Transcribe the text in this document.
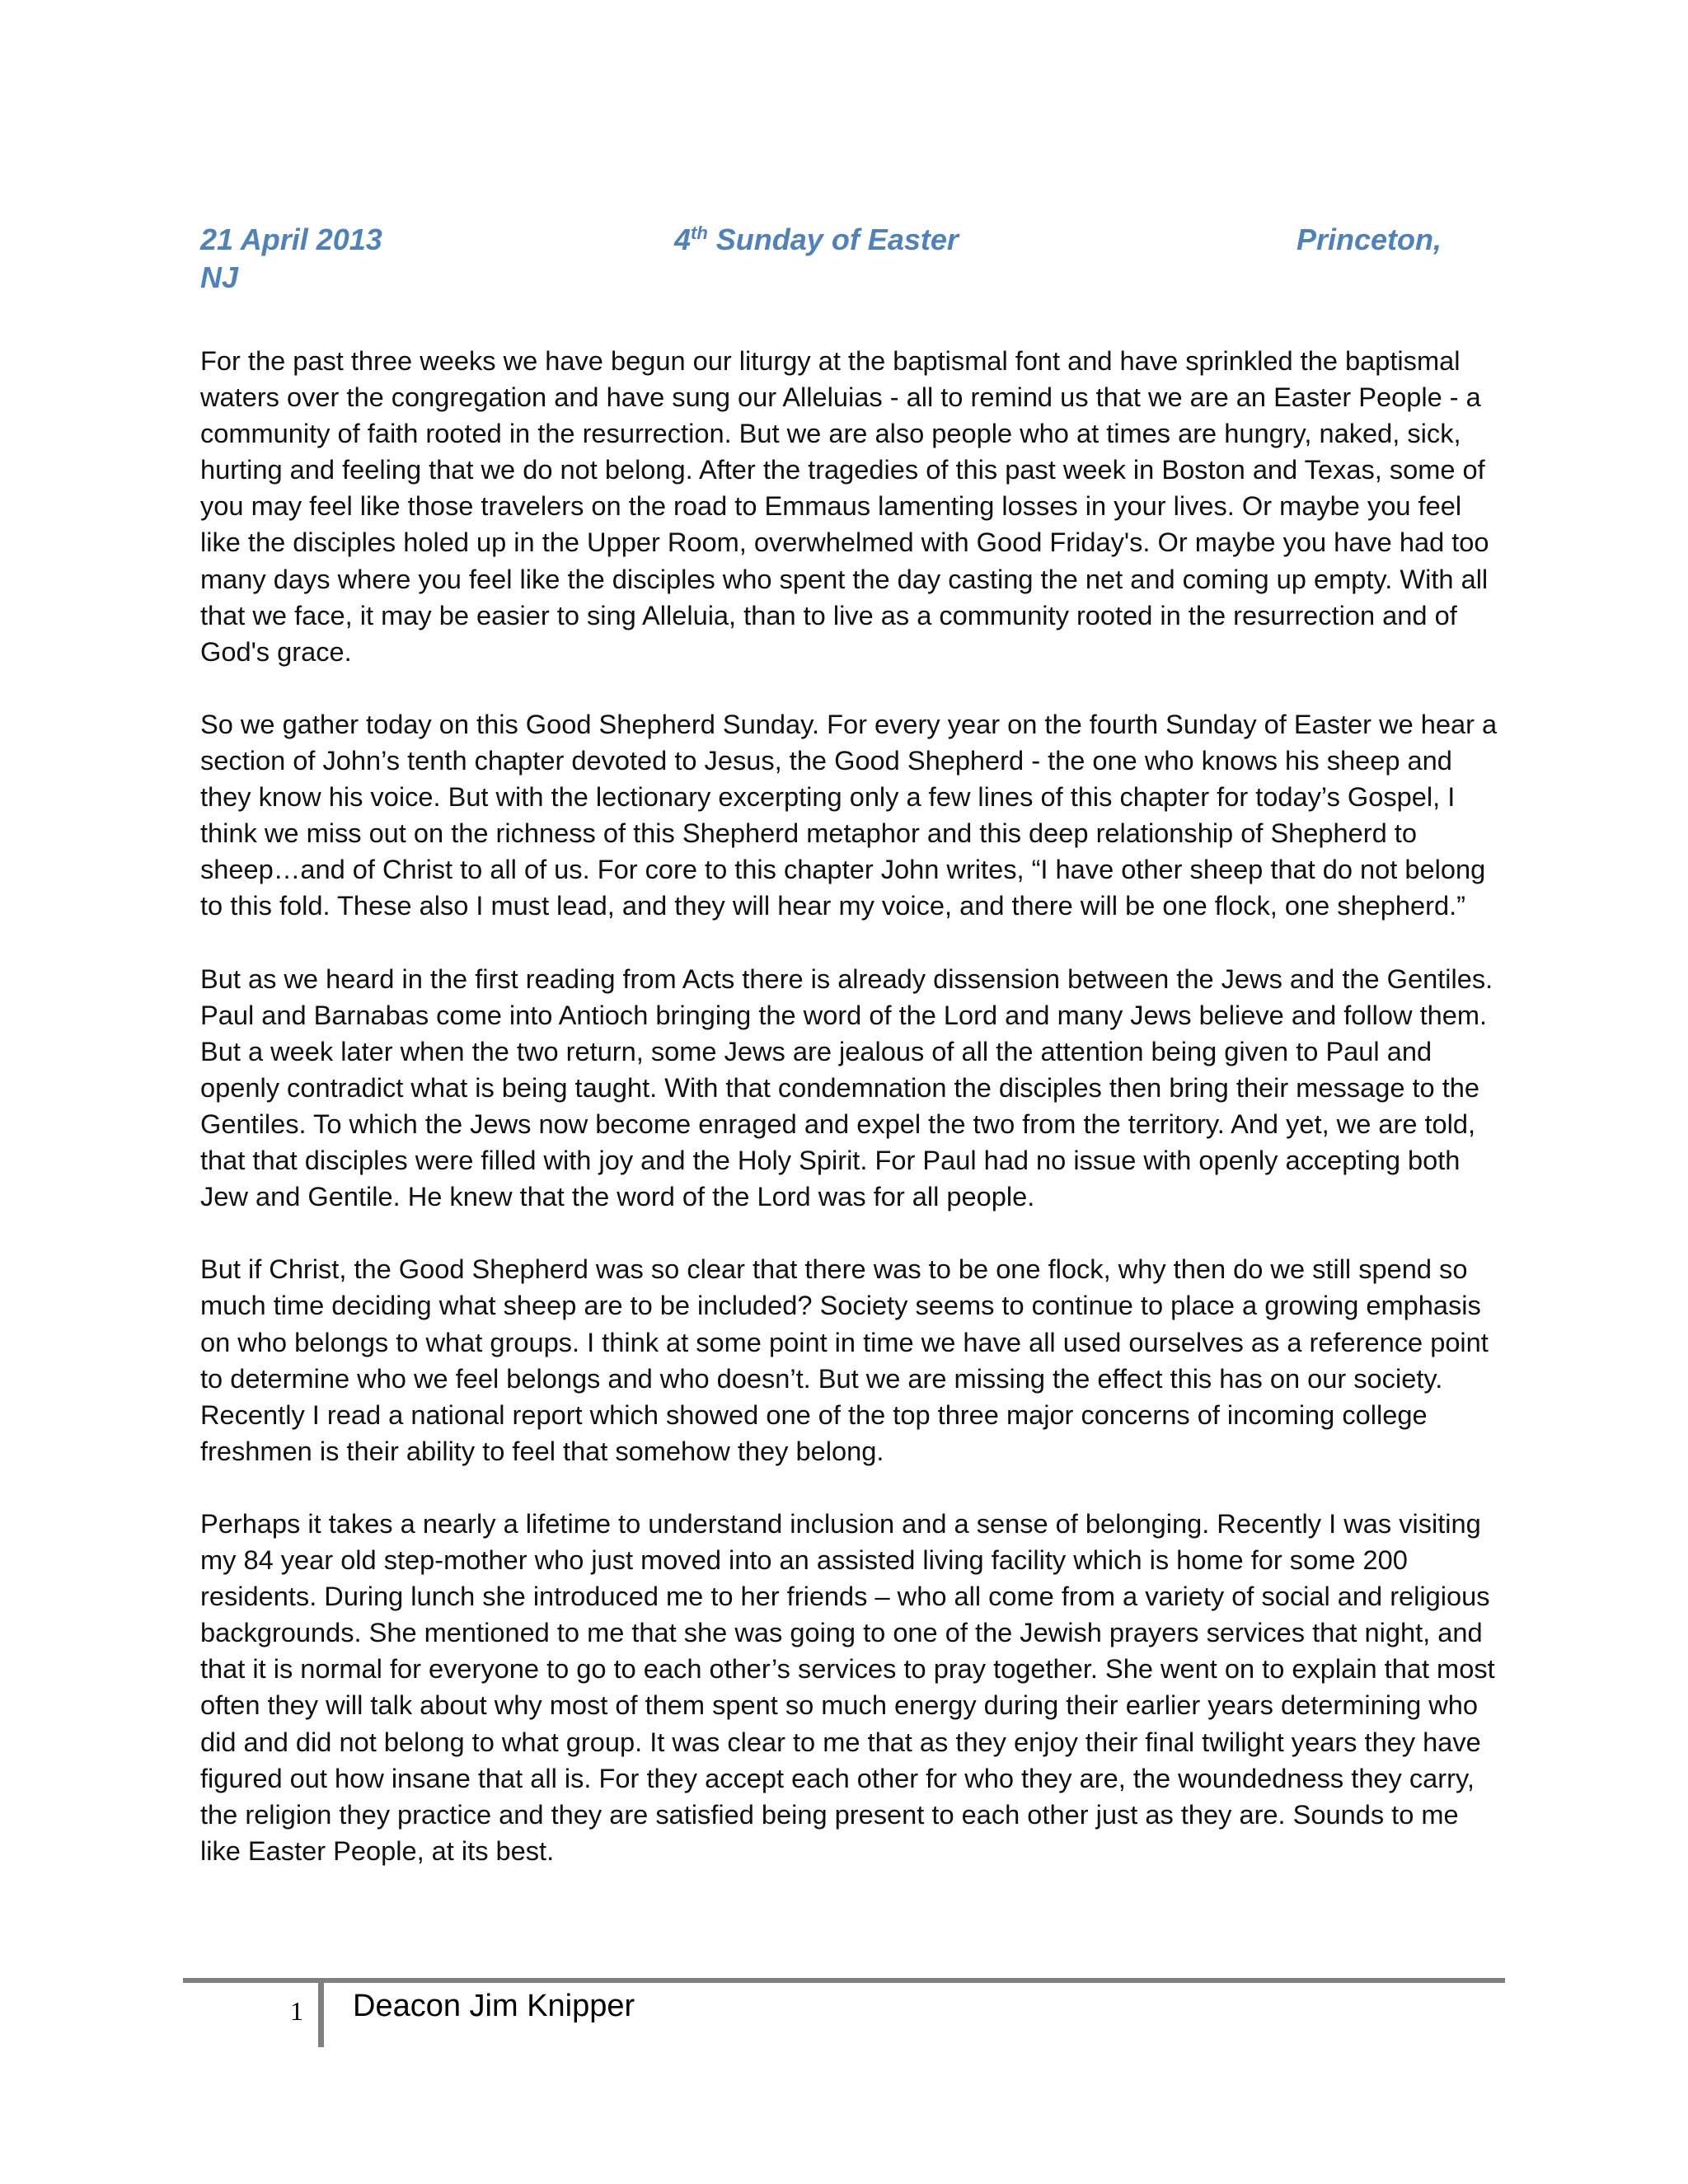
21 April 2013	4th Sunday of Easter	Princeton,
NJ

For the past three weeks we have begun our liturgy at the baptismal font and have sprinkled the baptismal waters over the congregation and have sung our Alleluias - all to remind us that we are an Easter People - a community of faith rooted in the resurrection. But we are also people who at times are hungry, naked, sick, hurting and feeling that we do not belong. After the tragedies of this past week in Boston and Texas, some of you may feel like those travelers on the road to Emmaus lamenting losses in your lives. Or maybe you feel like the disciples holed up in the Upper Room, overwhelmed with Good Friday's. Or maybe you have had too many days where you feel like the disciples who spent the day casting the net and coming up empty. With all that we face, it may be easier to sing Alleluia, than to live as a community rooted in the resurrection and of God's grace.

So we gather today on this Good Shepherd Sunday. For every year on the fourth Sunday of Easter we hear a section of John’s tenth chapter devoted to Jesus, the Good Shepherd - the one who knows his sheep and they know his voice. But with the lectionary excerpting only a few lines of this chapter for today’s Gospel, I think we miss out on the richness of this Shepherd metaphor and this deep relationship of Shepherd to sheep…and of Christ to all of us. For core to this chapter John writes, “I have other sheep that do not belong to this fold. These also I must lead, and they will hear my voice, and there will be one flock, one shepherd.”

But as we heard in the first reading from Acts there is already dissension between the Jews and the Gentiles. Paul and Barnabas come into Antioch bringing the word of the Lord and many Jews believe and follow them. But a week later when the two return, some Jews are jealous of all the attention being given to Paul and openly contradict what is being taught. With that condemnation the disciples then bring their message to the Gentiles. To which the Jews now become enraged and expel the two from the territory. And yet, we are told, that that disciples were filled with joy and the Holy Spirit. For Paul had no issue with openly accepting both Jew and Gentile. He knew that the word of the Lord was for all people.

But if Christ, the Good Shepherd was so clear that there was to be one flock, why then do we still spend so much time deciding what sheep are to be included? Society seems to continue to place a growing emphasis on who belongs to what groups. I think at some point in time we have all used ourselves as a reference point to determine who we feel belongs and who doesn’t. But we are missing the effect this has on our society. Recently I read a national report which showed one of the top three major concerns of incoming college freshmen is their ability to feel that somehow they belong.

Perhaps it takes a nearly a lifetime to understand inclusion and a sense of belonging. Recently I was visiting my 84 year old step-mother who just moved into an assisted living facility which is home for some 200 residents. During lunch she introduced me to her friends – who all come from a variety of social and religious backgrounds. She mentioned to me that she was going to one of the Jewish prayers services that night, and that it is normal for everyone to go to each other’s services to pray together. She went on to explain that most often they will talk about why most of them spent so much energy during their earlier years determining who did and did not belong to what group. It was clear to me that as they enjoy their final twilight years they have figured out how insane that all is. For they accept each other for who they are, the woundedness they carry, the religion they practice and they are satisfied being present to each other just as they are. Sounds to me like Easter People, at its best.

1 Deacon Jim Knipper
